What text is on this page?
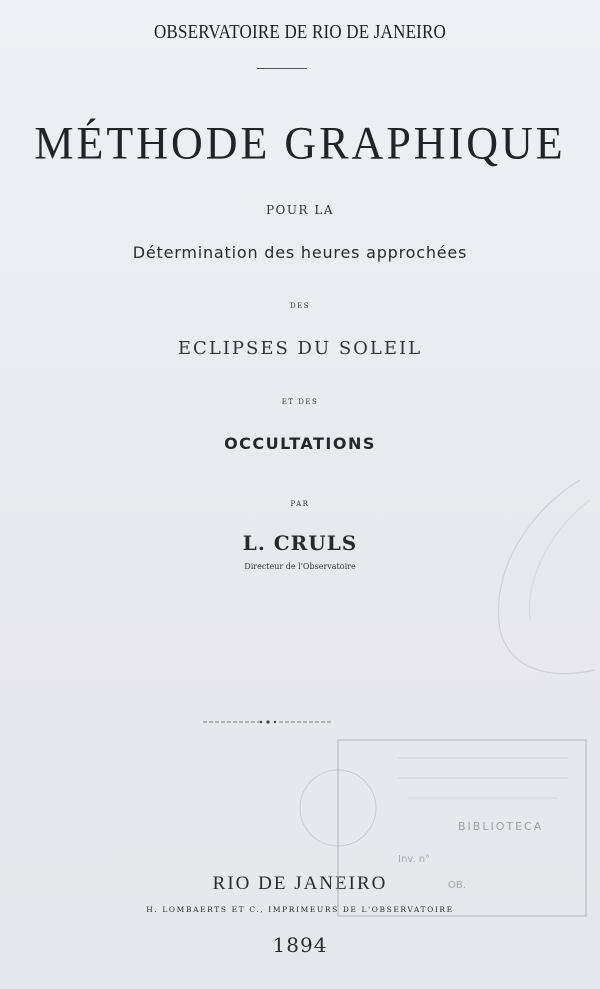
OBSERVATOIRE DE RIO DE JANEIRO
MÉTHODE GRAPHIQUE
POUR LA
Détermination des heures approchées
DES
ECLIPSES DU SOLEIL
ET DES
OCCULTATIONS
PAR
L. CRULS
Directeur de l'Observatoire
RIO DE JANEIRO
H. LOMBAERTS ET C., IMPRIMEURS DE L'OBSERVATOIRE
1894
BIBLIOTECA
Inv. n°
OB.
